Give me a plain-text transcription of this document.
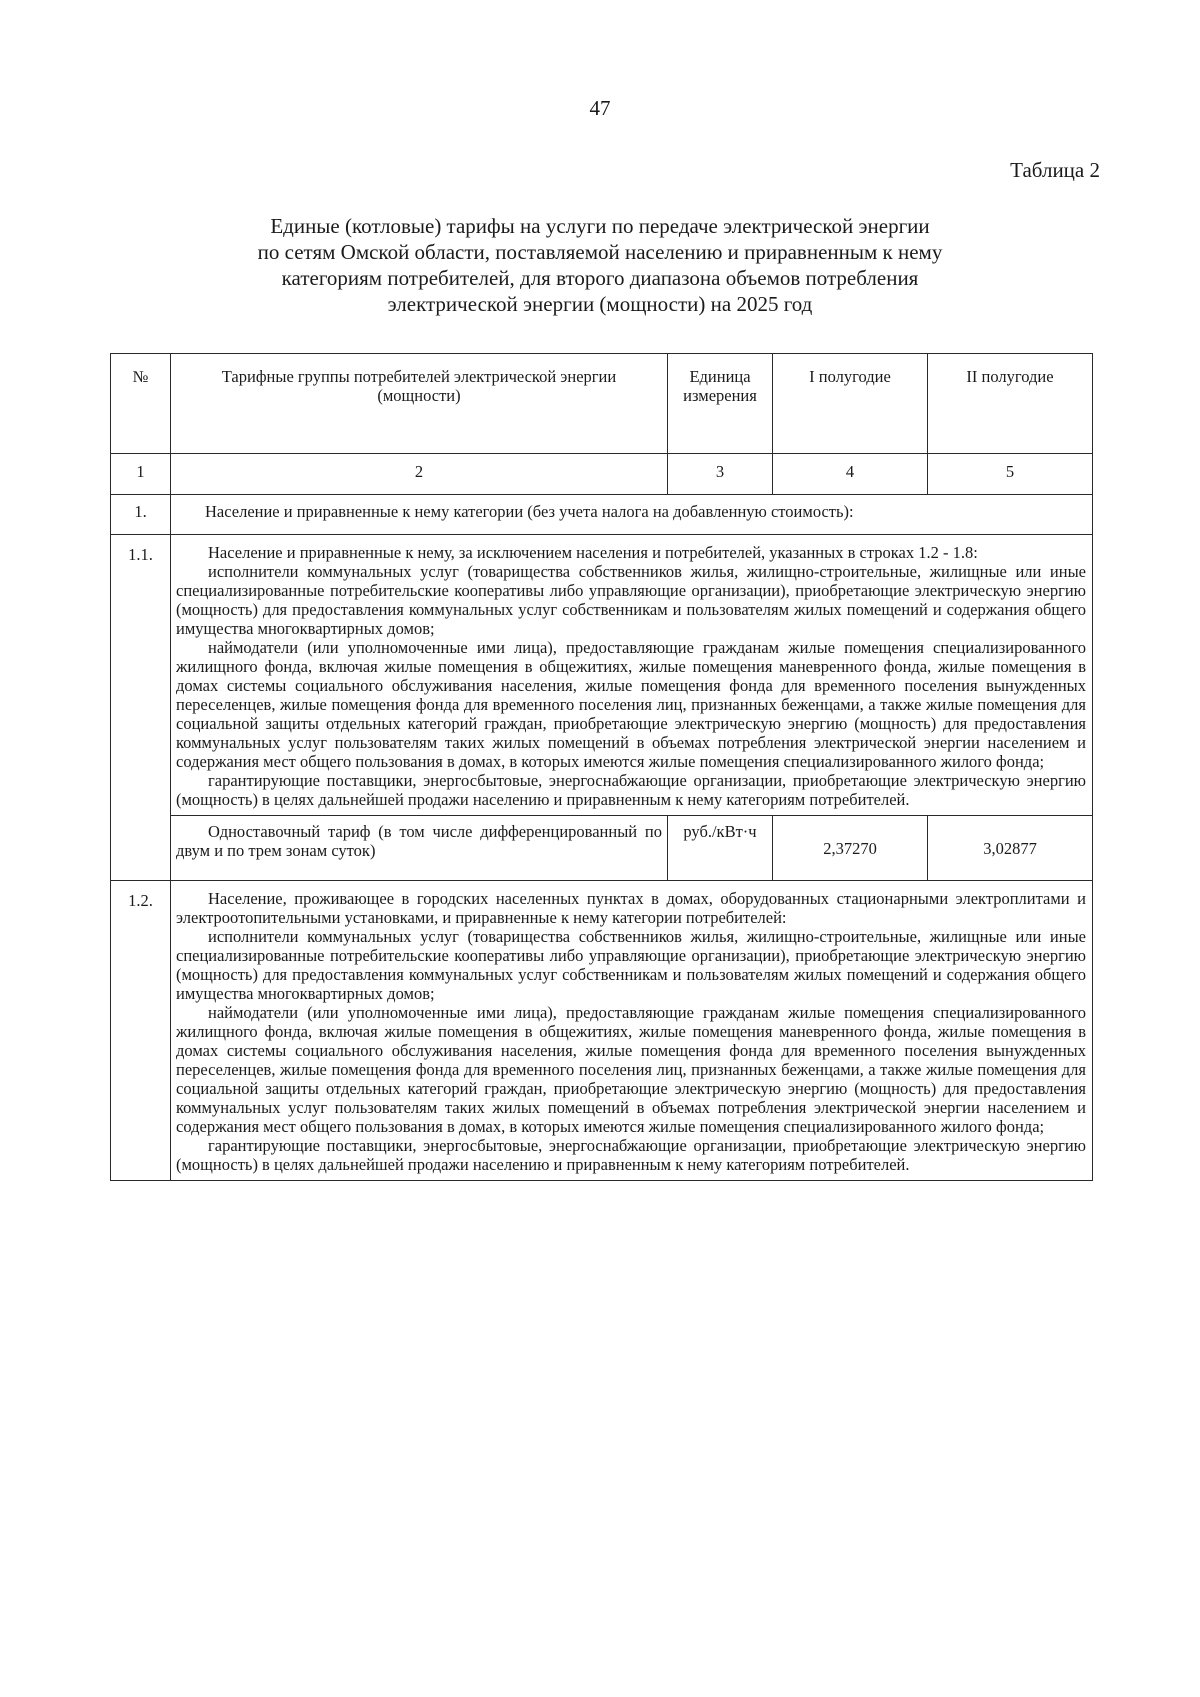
47
Таблица 2
Единые (котловые) тарифы на услуги по передаче электрической энергии
по сетям Омской области, поставляемой населению и приравненным к нему
категориям потребителей, для второго диапазона объемов потребления
электрической энергии (мощности) на 2025 год
№	Тарифные группы потребителей электрической энергии (мощности)	Единица измерения	I полугодие	II полугодие
1	2	3	4	5
1.	Население и приравненные к нему категории (без учета налога на добавленную стоимость):			
1.1.	Население и приравненные к нему, за исключением населения и потребителей, указанных в строках 1.2 - 1.8:

исполнители коммунальных услуг (товарищества собственников жилья, жилищно-строительные, жилищные или иные специализированные потребительские кооперативы либо управляющие организации), приобретающие электрическую энергию (мощность) для предоставления коммунальных услуг собственникам и пользователям жилых помещений и содержания общего имущества многоквартирных домов;

наймодатели (или уполномоченные ими лица), предоставляющие гражданам жилые помещения специализированного жилищного фонда, включая жилые помещения в общежитиях, жилые помещения маневренного фонда, жилые помещения в домах системы социального обслуживания населения, жилые помещения фонда для временного поселения вынужденных переселенцев, жилые помещения фонда для временного поселения лиц, признанных беженцами, а также жилые помещения для социальной защиты отдельных категорий граждан, приобретающие электрическую энергию (мощность) для предоставления коммунальных услуг пользователям таких жилых помещений в объемах потребления электрической энергии населением и содержания мест общего пользования в домах, в которых имеются жилые помещения специализированного жилого фонда;

гарантирующие поставщики, энергосбытовые, энергоснабжающие организации, приобретающие электрическую энергию (мощность) в целях дальнейшей продажи населению и приравненным к нему категориям потребителей.			

	Одноставочный тариф (в том числе дифференцированный по двум и по трем зонам суток)	руб./кВт·ч	2,37270	3,02877
1.2.	Население, проживающее в городских населенных пунктах в домах, оборудованных стационарными электроплитами и электроотопительными установками, и приравненные к нему категории потребителей:

исполнители коммунальных услуг (товарищества собственников жилья, жилищно-строительные, жилищные или иные специализированные потребительские кооперативы либо управляющие организации), приобретающие электрическую энергию (мощность) для предоставления коммунальных услуг собственникам и пользователям жилых помещений и содержания общего имущества многоквартирных домов;

наймодатели (или уполномоченные ими лица), предоставляющие гражданам жилые помещения специализированного жилищного фонда, включая жилые помещения в общежитиях, жилые помещения маневренного фонда, жилые помещения в домах системы социального обслуживания населения, жилые помещения фонда для временного поселения вынужденных переселенцев, жилые помещения фонда для временного поселения лиц, признанных беженцами, а также жилые помещения для социальной защиты отдельных категорий граждан, приобретающие электрическую энергию (мощность) для предоставления коммунальных услуг пользователям таких жилых помещений в объемах потребления электрической энергии населением и содержания мест общего пользования в домах, в которых имеются жилые помещения специализированного жилого фонда;

гарантирующие поставщики, энергосбытовые, энергоснабжающие организации, приобретающие электрическую энергию (мощность) в целях дальнейшей продажи населению и приравненным к нему категориям потребителей.			
